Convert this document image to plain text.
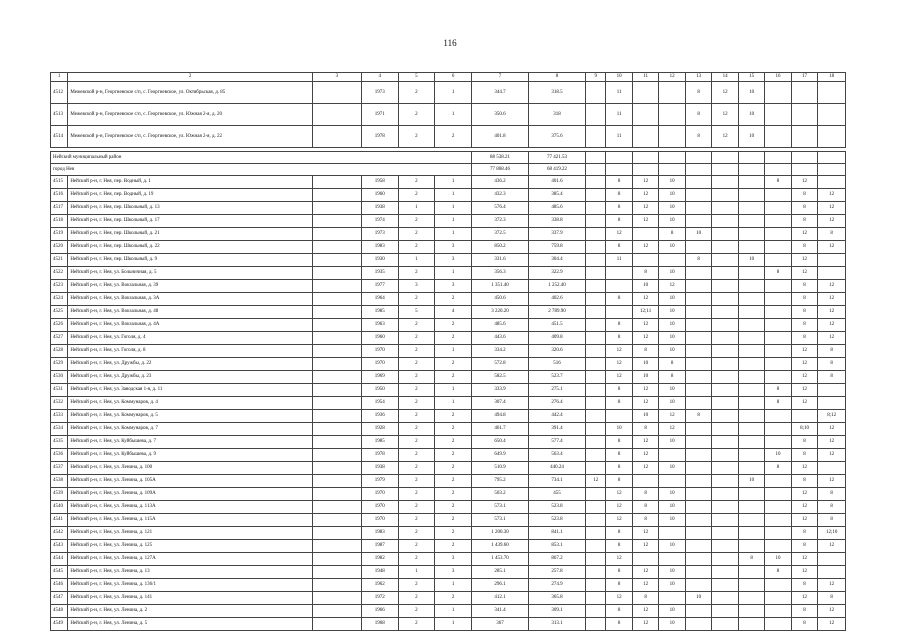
116
1	2	3	4	5	6	7	8	9	10	11	12	13	14	15	16	17	18
4512	Межевской р-н, Георгиевское с/п, с. Георгиевское, ул. Октябрьская, д. 85		1973	2	1	344.7	318.5		11			8	12	10			
4513	Межевской р-н, Георгиевское с/п, с. Георгиевское, ул. Южная 2-я, д. 20		1971	2	1	350.6	318		11			8	12	10			
4514	Межевской р-н, Георгиевское с/п, с. Георгиевское, ул. Южная 2-я, д. 22		1978	2	2	401.8	375.6		11			8	12	10			

Нейский муниципальный район						88 538.21	77 421.53										
город Нея						77 868.46	68 419.22										
4515	Нейский р-н, г. Нея, пер. Водный, д. 1		1958	2	1	436.2	401.6		8	12	10				8	12	
4516	Нейский р-н, г. Нея, пер. Водный, д. 19		1960	2	1	432.3	385.4		8	12	10					8	12
4517	Нейский р-н, г. Нея, пер. Школьный, д. 13		1938	1	1	576.4	485.6		8	12	10					8	12
4518	Нейский р-н, г. Нея, пер. Школьный, д. 17		1974	2	1	372.3	338.8		8	12	10					8	12
4519	Нейский р-н, г. Нея, пер. Школьный, д. 21		1973	2	1	372.5	337.9		12		8	10				12	8
4520	Нейский р-н, г. Нея, пер. Школьный, д. 22		1983	2	3	850.2	759.8		8	12	10					8	12
4521	Нейский р-н, г. Нея, пер. Школьный, д. 9		1930	1	3	331.6	304.4		11			8		10		12	
4522	Нейский р-н, г. Нея, ул. Больничная, д. 5		1935	2	1	356.3	322.9			8	10				8	12	
4523	Нейский р-н, г. Нея, ул. Вокзальная, д. 39		1977	3	3	1 351.40	1 252.40			10	12					8	12
4524	Нейский р-н, г. Нея, ул. Вокзальная, д. 3А		1964	2	2	450.6	402.6		8	12	10					8	12
4525	Нейский р-н, г. Нея, ул. Вокзальная, д. 48		1985	5	4	3 220.20	2 789.90			12;11	10					8	12
4526	Нейский р-н, г. Нея, ул. Вокзальная, д. 4А		1963	2	2	485.6	451.5		8	12	10					8	12
4527	Нейский р-н, г. Нея, ул. Гоголя, д. 4		1960	2	2	443.6	409.8		8	12	10					8	12
4528	Нейский р-н, г. Нея, ул. Гоголя, д. 8		1970	2	1	334.2	320.6		12	8	10					12	8
4529	Нейский р-н, г. Нея, ул. Дружбы, д. 22		1970	2	2	572.8	516		12	10	8					12	8
4530	Нейский р-н, г. Нея, ул. Дружбы, д. 23		1969	2	2	582.5	523.7		12	10	8					12	8
4531	Нейский р-н, г. Нея, ул. Заводская 1-я, д. 11		1950	2	1	333.9	275.1		8	12	10				8	12	
4532	Нейский р-н, г. Нея, ул. Коммунаров, д. 4		1954	2	1	307.4	276.4		8	12	10				8	12	
4533	Нейский р-н, г. Нея, ул. Коммунаров, д. 5		1936	2	2	494.8	442.4			10	12	8					8;12
4534	Нейский р-н, г. Нея, ул. Коммунаров, д. 7		1928	2	2	461.7	391.4		10	8	12					8;10	12
4535	Нейский р-н, г. Нея, ул. Куйбышева, д. 7		1985	2	2	650.4	577.4		8	12	10					8	12
4536	Нейский р-н, г. Нея, ул. Куйбышева, д. 9		1978	2	2	649.9	563.4		8	12					10	8	12
4537	Нейский р-н, г. Нея, ул. Ленина, д. 100		1938	2	2	510.9	440.24		8	12	10				8	12	
4538	Нейский р-н, г. Нея, ул. Ленина, д. 105А		1979	2	2	795.2	734.1	12	8					10		8	12
4539	Нейский р-н, г. Нея, ул. Ленина, д. 109А		1970	2	2	503.2	455		12	8	10					12	8
4540	Нейский р-н, г. Нея, ул. Ленина, д. 113А		1970	2	2	573.1	523.8		12	8	10					12	8
4541	Нейский р-н, г. Нея, ул. Ленина, д. 115А		1970	2	2	573.1	523.8		12	8	10					12	8
4542	Нейский р-н, г. Нея, ул. Ленина, д. 121		1983	2	2	1 200.30	841.1		8	12						8	12;10
4543	Нейский р-н, г. Нея, ул. Ленина, д. 125		1987	2	2	1 439.60	853.1		8	12	10					8	12
4544	Нейский р-н, г. Нея, ул. Ленина, д. 127А		1982	2	3	1 453.70	867.2		12					8	10	12	
4545	Нейский р-н, г. Нея, ул. Ленина, д. 13		1948	1	3	285.1	257.8		8	12	10				8	12	
4546	Нейский р-н, г. Нея, ул. Ленина, д. 136/1		1962	2	1	296.1	274.9		8	12	10					8	12
4547	Нейский р-н, г. Нея, ул. Ленина, д. 141		1972	2	2	412.1	365.8		12	8		10				12	8
4548	Нейский р-н, г. Нея, ул. Ленина, д. 2		1966	2	1	341.4	309.1		8	12	10					8	12
4549	Нейский р-н, г. Нея, ул. Ленина, д. 5		1968	2	1	367	313.1		8	12	10					8	12
